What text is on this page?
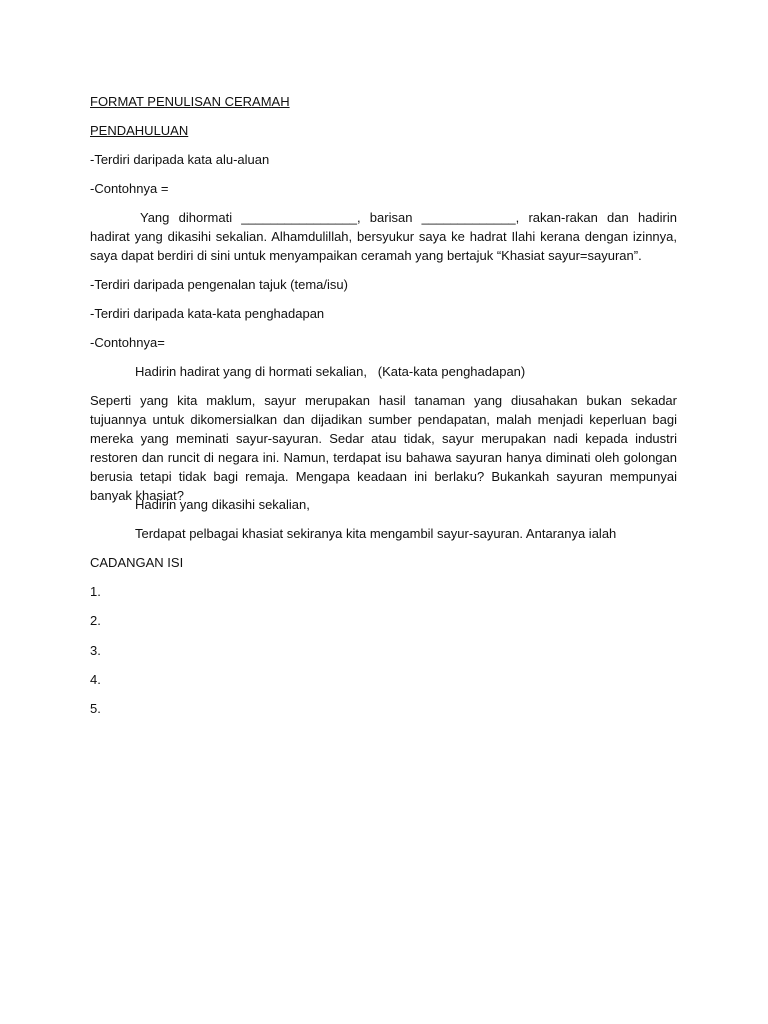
FORMAT PENULISAN CERAMAH
PENDAHULUAN
-Terdiri daripada kata alu-aluan
-Contohnya =
Yang dihormati ________________, barisan _____________, rakan-rakan dan hadirin hadirat yang dikasihi sekalian. Alhamdulillah, bersyukur saya ke hadrat Ilahi kerana dengan izinnya, saya dapat berdiri di sini untuk menyampaikan ceramah yang bertajuk “Khasiat sayur=sayuran”.
-Terdiri daripada pengenalan tajuk (tema/isu)
-Terdiri daripada kata-kata penghadapan
-Contohnya=
Hadirin hadirat yang di hormati sekalian,   (Kata-kata penghadapan)
Seperti yang kita maklum, sayur merupakan hasil tanaman yang diusahakan bukan sekadar tujuannya untuk dikomersialkan dan dijadikan sumber pendapatan, malah menjadi keperluan bagi mereka yang meminati sayur-sayuran. Sedar atau tidak, sayur merupakan nadi kepada industri restoren dan runcit di negara ini. Namun, terdapat isu bahawa sayuran hanya diminati oleh golongan berusia tetapi tidak bagi remaja. Mengapa keadaan ini berlaku? Bukankah sayuran mempunyai banyak khasiat?
Hadirin yang dikasihi sekalian,
Terdapat pelbagai khasiat sekiranya kita mengambil sayur-sayuran. Antaranya ialah
CADANGAN ISI
1.
2.
3.
4.
5.
